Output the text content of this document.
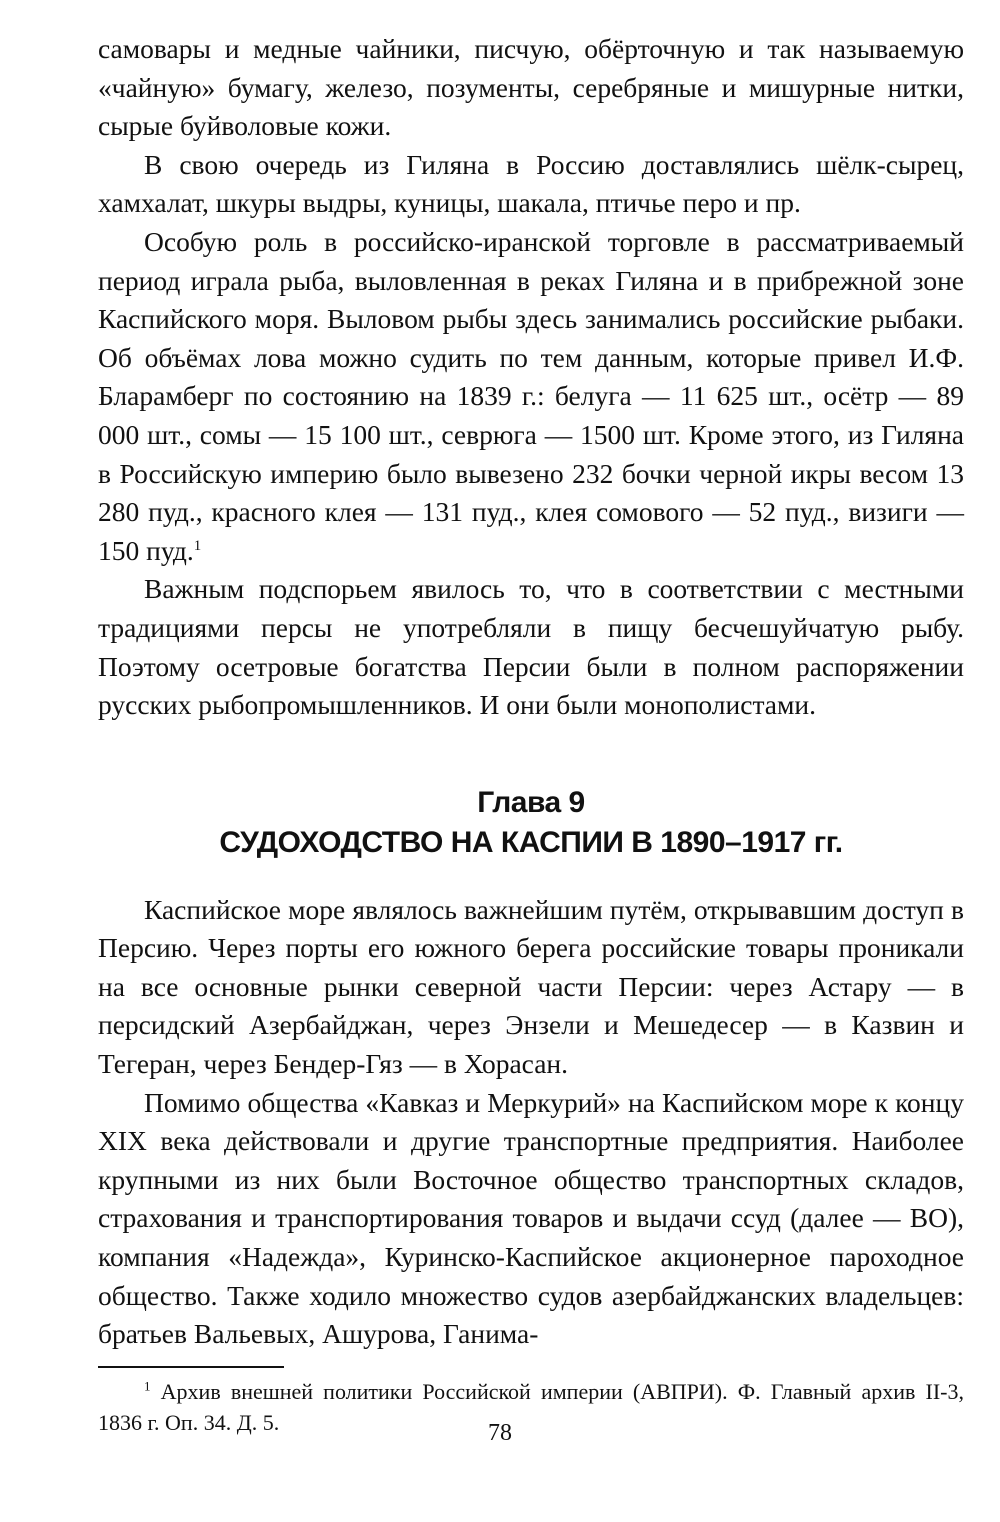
самовары и медные чайники, писчую, обёрточную и так называемую «чайную» бумагу, железо, позументы, серебряные и мишурные нитки, сырые буйволовые кожи.

В свою очередь из Гиляна в Россию доставлялись шёлк-сырец, хамхалат, шкуры выдры, куницы, шакала, птичье перо и пр.

Особую роль в российско-иранской торговле в рассматриваемый период играла рыба, выловленная в реках Гиляна и в прибрежной зоне Каспийского моря. Выловом рыбы здесь занимались российские рыбаки. Об объёмах лова можно судить по тем данным, которые привел И.Ф. Бларамберг по состоянию на 1839 г.: белуга — 11 625 шт., осётр — 89 000 шт., сомы — 15 100 шт., севрюга — 1500 шт. Кроме этого, из Гиляна в Российскую империю было вывезено 232 бочки черной икры весом 13 280 пуд., красного клея — 131 пуд., клея сомового — 52 пуд., визиги — 150 пуд.$^1$

Важным подспорьем явилось то, что в соответствии с местными традициями персы не употребляли в пищу бесчешуйчатую рыбу. Поэтому осетровые богатства Персии были в полном распоряжении русских рыбопромышленников. И они были монополистами.

Глава 9
СУДОХОДСТВО НА КАСПИИ В 1890–1917 гг.

Каспийское море являлось важнейшим путём, открывавшим доступ в Персию. Через порты его южного берега российские товары проникали на все основные рынки северной части Персии: через Астару — в персидский Азербайджан, через Энзели и Мешедесер — в Казвин и Тегеран, через Бендер-Гяз — в Хорасан.

Помимо общества «Кавказ и Меркурий» на Каспийском море к концу XIX века действовали и другие транспортные предприятия. Наиболее крупными из них были Восточное общество транспортных складов, страхования и транспортирования товаров и выдачи ссуд (далее — ВО), компания «Надежда», Куринско-Каспийское акционерное пароходное общество. Также ходило множество судов азербайджанских владельцев: братьев Вальевых, Ашурова, Ганима-

$^1$ Архив внешней политики Российской империи (АВПРИ). Ф. Главный архив II-3, 1836 г. Оп. 34. Д. 5.	78
